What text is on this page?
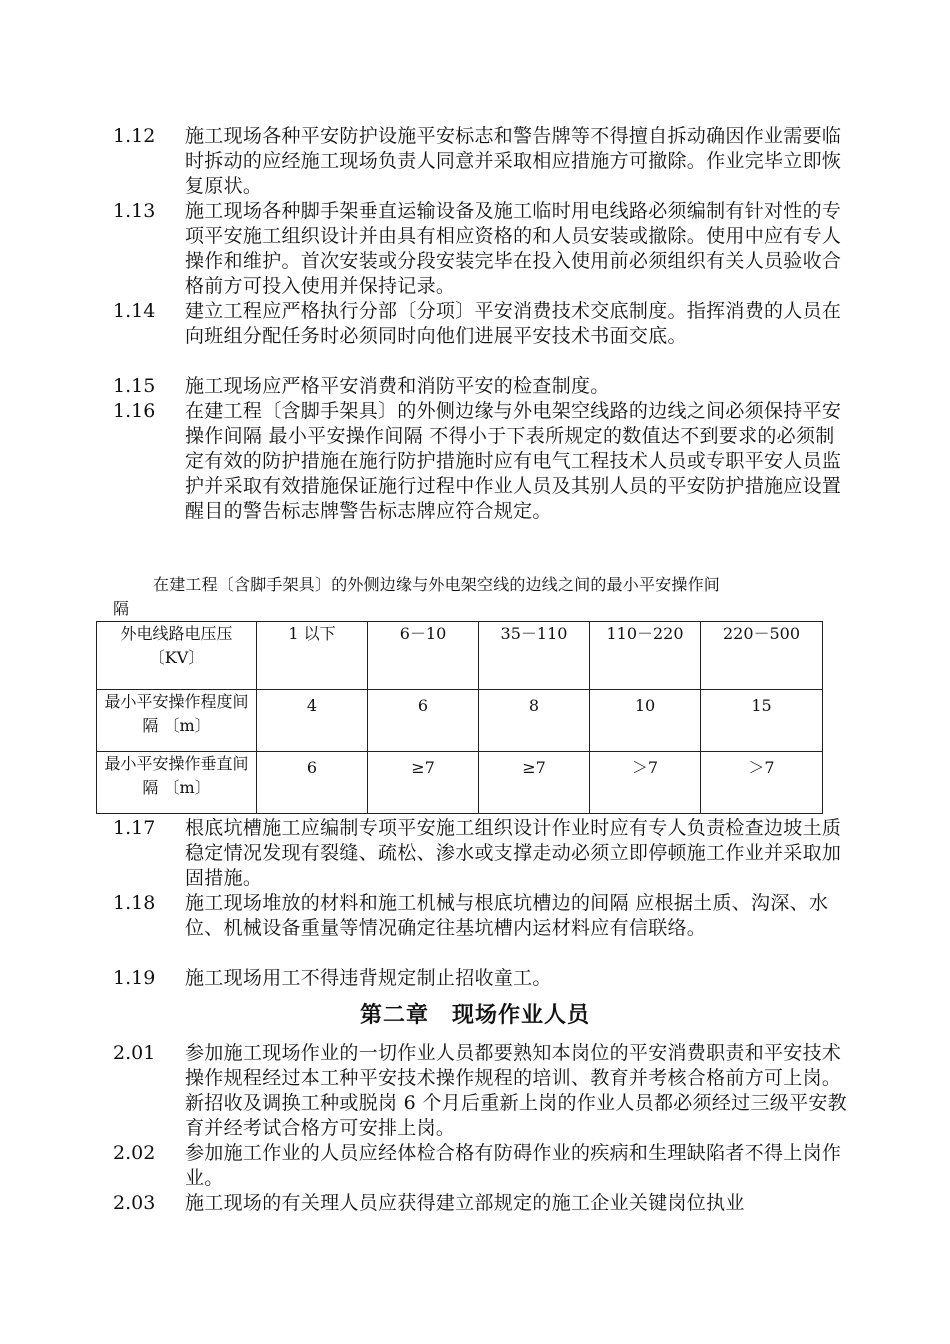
1.12	施工现场各种平安防护设施平安标志和警告牌等不得擅自拆动确因作业需要临时拆动的应经施工现场负责人同意并采取相应措施方可撤除。作业完毕立即恢复原状。
1.13	施工现场各种脚手架垂直运输设备及施工临时用电线路必须编制有针对性的专项平安施工组织设计并由具有相应资格的和人员安装或撤除。使用中应有专人操作和维护。首次安装或分段安装完毕在投入使用前必须组织有关人员验收合格前方可投入使用并保持记录。
1.14	建立工程应严格执行分部〔分项〕平安消费技术交底制度。指挥消费的人员在向班组分配任务时必须同时向他们进展平安技术书面交底。
1.15	施工现场应严格平安消费和消防平安的检查制度。
1.16	在建工程〔含脚手架具〕的外侧边缘与外电架空线路的边线之间必须保持平安操作间隔 最小平安操作间隔 不得小于下表所规定的数值达不到要求的必须制定有效的防护措施在施行防护措施时应有电气工程技术人员或专职平安人员监护并采取有效措施保证施行过程中作业人员及其别人员的平安防护措施应设置醒目的警告标志牌警告标志牌应符合规定。
在建工程〔含脚手架具〕的外侧边缘与外电架空线的边线之间的最小平安操作间
隔
外电线路电压压〔KV〕	1 以下	6－10	35－110	110－220	220－500
最小平安操作程度间隔 〔m〕	4	6	8	10	15
最小平安操作垂直间隔 〔m〕	6	≥7	≥7	＞7	＞7
1.17	根底坑槽施工应编制专项平安施工组织设计作业时应有专人负责检查边坡土质稳定情况发现有裂缝、疏松、渗水或支撑走动必须立即停顿施工作业并采取加固措施。
1.18	施工现场堆放的材料和施工机械与根底坑槽边的间隔 应根据土质、沟深、水位、机械设备重量等情况确定往基坑槽内运材料应有信联络。
1.19	施工现场用工不得违背规定制止招收童工。
第二章　现场作业人员
2.01	参加施工现场作业的一切作业人员都要熟知本岗位的平安消费职责和平安技术操作规程经过本工种平安技术操作规程的培训、教育并考核合格前方可上岗。新招收及调换工种或脱岗 6 个月后重新上岗的作业人员都必须经过三级平安教育并经考试合格方可安排上岗。
2.02	参加施工作业的人员应经体检合格有防碍作业的疾病和生理缺陷者不得上岗作业。
2.03	施工现场的有关理人员应获得建立部规定的施工企业关键岗位执业
